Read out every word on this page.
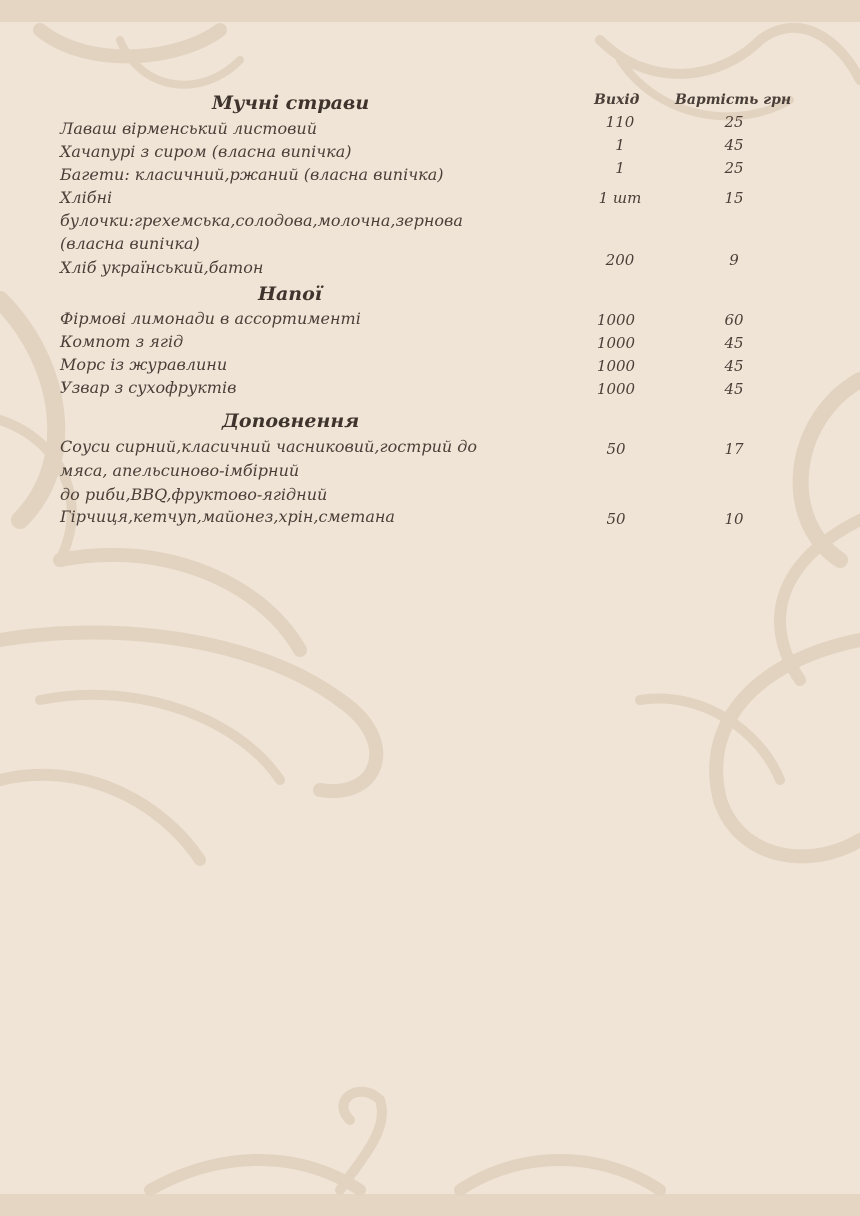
Вихід	Вартість грн
Мучні страви
Лаваш вірменський листовий	110	25
Хачапурі з сиром (власна випічка)	1	45
Багети: класичний,ржаний (власна випічка)	1	25
Хлібні
булочки:грехемська,солодова,молочна,зернова
(власна випічка)
1 шт	15
Хліб український,батон	200	9
Напої
Фірмові лимонади в ассортименті	1000	60
Компот з ягід	1000	45
Морс із журавлини	1000	45
Узвар з сухофруктів	1000	45
Доповнення
Соуси сирний,класичний часниковий,гострий до
мяса, апельсиново-імбірний
до риби,BBQ,фруктово-ягідний
50	17
Гірчиця,кетчуп,майонез,хрін,сметана	50	10
